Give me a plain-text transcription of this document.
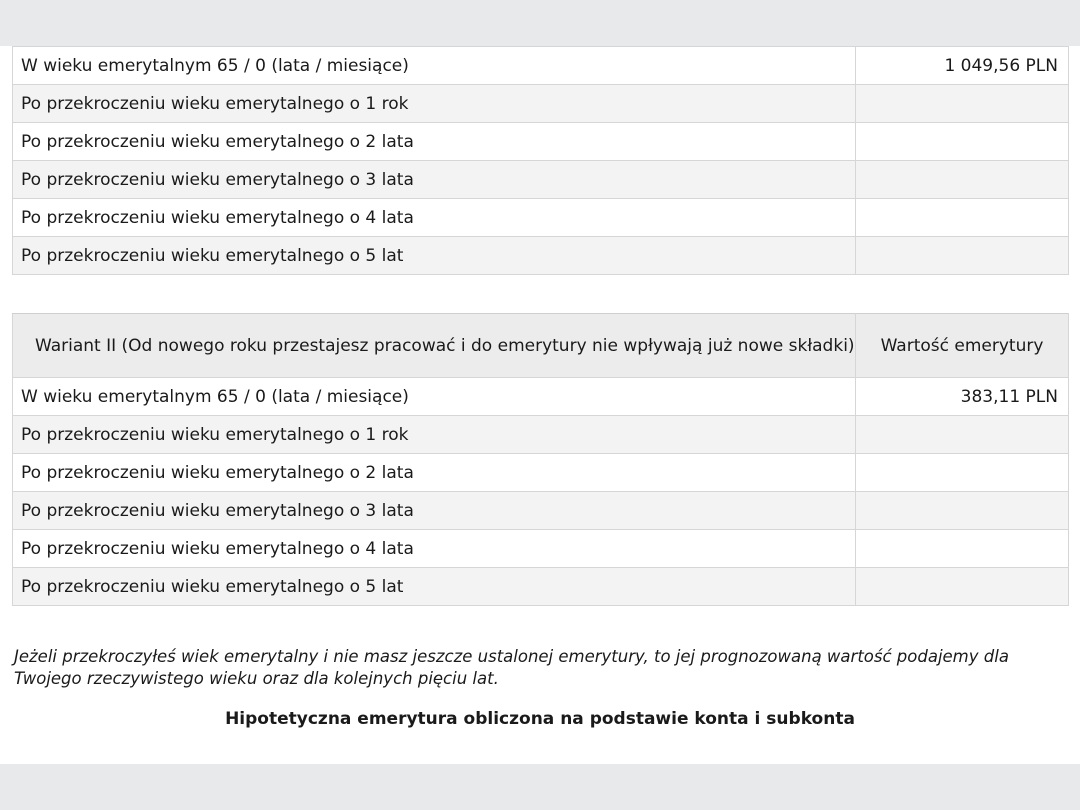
W wieku emerytalnym 65 / 0 (lata / miesiące)	1 049,56 PLN
Po przekroczeniu wieku emerytalnego o 1 rok	
Po przekroczeniu wieku emerytalnego o 2 lata	
Po przekroczeniu wieku emerytalnego o 3 lata	
Po przekroczeniu wieku emerytalnego o 4 lata	
Po przekroczeniu wieku emerytalnego o 5 lat	
Wariant II (Od nowego roku przestajesz pracować i do emerytury nie wpływają już nowe składki)	Wartość emerytury
W wieku emerytalnym 65 / 0 (lata / miesiące)	383,11 PLN
Po przekroczeniu wieku emerytalnego o 1 rok	
Po przekroczeniu wieku emerytalnego o 2 lata	
Po przekroczeniu wieku emerytalnego o 3 lata	
Po przekroczeniu wieku emerytalnego o 4 lata	
Po przekroczeniu wieku emerytalnego o 5 lat	

Jeżeli przekroczyłeś wiek emerytalny i nie masz jeszcze ustalonej emerytury, to jej prognozowaną wartość podajemy dla Twojego rzeczywistego wieku oraz dla kolejnych pięciu lat.

Hipotetyczna emerytura obliczona na podstawie konta i subkonta
